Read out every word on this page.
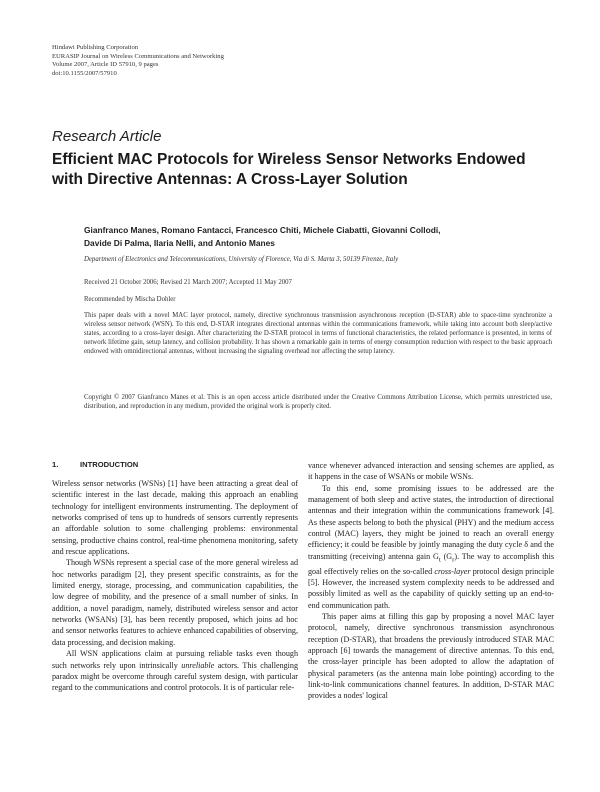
Hindawi Publishing Corporation
EURASIP Journal on Wireless Communications and Networking
Volume 2007, Article ID 57910, 9 pages
doi:10.1155/2007/57910
Research Article
Efficient MAC Protocols for Wireless Sensor Networks Endowed
with Directive Antennas: A Cross-Layer Solution
Gianfranco Manes, Romano Fantacci, Francesco Chiti, Michele Ciabatti, Giovanni Collodi,
Davide Di Palma, Ilaria Nelli, and Antonio Manes
Department of Electronics and Telecommunications, University of Florence, Via di S. Marta 3, 50139 Firenze, Italy
Received 21 October 2006; Revised 21 March 2007; Accepted 11 May 2007
Recommended by Mischa Dohler
This paper deals with a novel MAC layer protocol, namely, directive synchronous transmission asynchronous reception (D-STAR) able to space-time synchronize a wireless sensor network (WSN). To this end, D-STAR integrates directional antennas within the communications framework, while taking into account both sleep/active states, according to a cross-layer design. After characterizing the D-STAR protocol in terms of functional characteristics, the related performance is presented, in terms of network lifetime gain, setup latency, and collision probability. It has shown a remarkable gain in terms of energy consumption reduction with respect to the basic approach endowed with omnidirectional antennas, without increasing the signaling overhead nor affecting the setup latency.
Copyright © 2007 Gianfranco Manes et al. This is an open access article distributed under the Creative Commons Attribution License, which permits unrestricted use, distribution, and reproduction in any medium, provided the original work is properly cited.
1.	INTRODUCTION

Wireless sensor networks (WSNs) [1] have been attracting a great deal of scientific interest in the last decade, making this approach an enabling technology for intelligent environments instrumenting. The deployment of networks comprised of tens up to hundreds of sensors currently represents an affordable solution to some challenging problems: environmental sensing, productive chains control, real-time phenomena monitoring, safety and rescue applications.

Though WSNs represent a special case of the more general wireless ad hoc networks paradigm [2], they present specific constraints, as for the limited energy, storage, processing, and communication capabilities, the low degree of mobility, and the presence of a small number of sinks. In addition, a novel paradigm, namely, distributed wireless sensor and actor networks (WSANs) [3], has been recently proposed, which joins ad hoc and sensor networks features to achieve enhanced capabilities of observing, data processing, and decision making.

All WSN applications claim at pursuing reliable tasks even though such networks rely upon intrinsically unreliable actors. This challenging paradox might be overcome through careful system design, with particular regard to the communications and control protocols. It is of particular rele-

vance whenever advanced interaction and sensing schemes are applied, as it happens in the case of WSANs or mobile WSNs.

To this end, some promising issues to be addressed are the management of both sleep and active states, the introduction of directional antennas and their integration within the communications framework [4]. As these aspects belong to both the physical (PHY) and the medium access control (MAC) layers, they might be joined to reach an overall energy efficiency; it could be feasible by jointly managing the duty cycle δ and the transmitting (receiving) antenna gain $G_t$ $(G_r)$. The way to accomplish this goal effectively relies on the so-called cross-layer protocol design principle [5]. However, the increased system complexity needs to be addressed and possibly limited as well as the capability of quickly setting up an end-to-end communication path.

This paper aims at filling this gap by proposing a novel MAC layer protocol, namely, directive synchronous transmission asynchronous reception (D-STAR), that broadens the previously introduced STAR MAC approach [6] towards the management of directive antennas. To this end, the cross-layer principle has been adopted to allow the adaptation of physical parameters (as the antenna main lobe pointing) according to the link-to-link communications channel features. In addition, D-STAR MAC provides a nodes' logical
